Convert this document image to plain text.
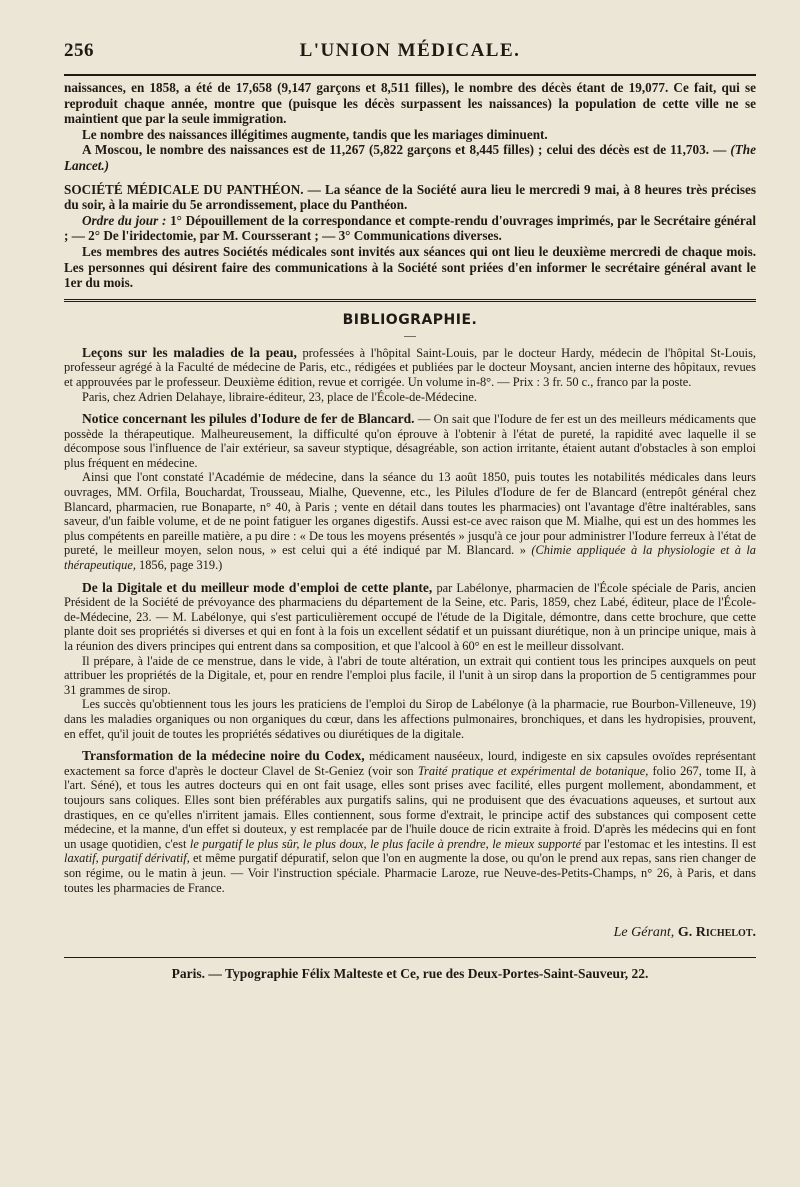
256	L'UNION MÉDICALE.

naissances, en 1858, a été de 17,658 (9,147 garçons et 8,511 filles), le nombre des décès étant de 19,077. Ce fait, qui se reproduit chaque année, montre que (puisque les décès surpassent les naissances) la population de cette ville ne se maintient que par la seule immigration.

Le nombre des naissances illégitimes augmente, tandis que les mariages diminuent.

A Moscou, le nombre des naissances est de 11,267 (5,822 garçons et 8,445 filles) ; celui des décès est de 11,703. — (The Lancet.)

SOCIÉTÉ MÉDICALE DU PANTHÉON. — La séance de la Société aura lieu le mercredi 9 mai, à 8 heures très précises du soir, à la mairie du 5e arrondissement, place du Panthéon.

Ordre du jour : 1° Dépouillement de la correspondance et compte-rendu d'ouvrages imprimés, par le Secrétaire général ; — 2° De l'iridectomie, par M. Coursserant ; — 3° Communications diverses.

Les membres des autres Sociétés médicales sont invités aux séances qui ont lieu le deuxième mercredi de chaque mois. Les personnes qui désirent faire des communications à la Société sont priées d'en informer le secrétaire général avant le 1er du mois.

BIBLIOGRAPHIE.
—

Leçons sur les maladies de la peau, professées à l'hôpital Saint-Louis, par le docteur Hardy, médecin de l'hôpital St-Louis, professeur agrégé à la Faculté de médecine de Paris, etc., rédigées et publiées par le docteur Moysant, ancien interne des hôpitaux, revues et approuvées par le professeur. Deuxième édition, revue et corrigée. Un volume in-8°. — Prix : 3 fr. 50 c., franco par la poste.

Paris, chez Adrien Delahaye, libraire-éditeur, 23, place de l'École-de-Médecine.

Notice concernant les pilules d'Iodure de fer de Blancard. — On sait que l'Iodure de fer est un des meilleurs médicaments que possède la thérapeutique. Malheureusement, la difficulté qu'on éprouve à l'obtenir à l'état de pureté, la rapidité avec laquelle il se décompose sous l'influence de l'air extérieur, sa saveur styptique, désagréable, son action irritante, étaient autant d'obstacles à son emploi plus fréquent en médecine.

Ainsi que l'ont constaté l'Académie de médecine, dans la séance du 13 août 1850, puis toutes les notabilités médicales dans leurs ouvrages, MM. Orfila, Bouchardat, Trousseau, Mialhe, Quevenne, etc., les Pilules d'Iodure de fer de Blancard (entrepôt général chez Blancard, pharmacien, rue Bonaparte, n° 40, à Paris ; vente en détail dans toutes les pharmacies) ont l'avantage d'être inaltérables, sans saveur, d'un faible volume, et de ne point fatiguer les organes digestifs. Aussi est-ce avec raison que M. Mialhe, qui est un des hommes les plus compétents en pareille matière, a pu dire : « De tous les moyens présentés » jusqu'à ce jour pour administrer l'Iodure ferreux à l'état de pureté, le meilleur moyen, selon nous, » est celui qui a été indiqué par M. Blancard. » (Chimie appliquée à la physiologie et à la thérapeutique, 1856, page 319.)

De la Digitale et du meilleur mode d'emploi de cette plante, par Labélonye, pharmacien de l'École spéciale de Paris, ancien Président de la Société de prévoyance des pharmaciens du département de la Seine, etc. Paris, 1859, chez Labé, éditeur, place de l'École-de-Médecine, 23. — M. Labélonye, qui s'est particulièrement occupé de l'étude de la Digitale, démontre, dans cette brochure, que cette plante doit ses propriétés si diverses et qui en font à la fois un excellent sédatif et un puissant diurétique, non à un principe unique, mais à la réunion des divers principes qui entrent dans sa composition, et que l'alcool à 60° en est le meilleur dissolvant.

Il prépare, à l'aide de ce menstrue, dans le vide, à l'abri de toute altération, un extrait qui contient tous les principes auxquels on peut attribuer les propriétés de la Digitale, et, pour en rendre l'emploi plus facile, il l'unit à un sirop dans la proportion de 5 centigrammes pour 31 grammes de sirop.

Les succès qu'obtiennent tous les jours les praticiens de l'emploi du Sirop de Labélonye (à la pharmacie, rue Bourbon-Villeneuve, 19) dans les maladies organiques ou non organiques du cœur, dans les affections pulmonaires, bronchiques, et dans les hydropisies, prouvent, en effet, qu'il jouit de toutes les propriétés sédatives ou diurétiques de la digitale.

Transformation de la médecine noire du Codex, médicament nauséeux, lourd, indigeste en six capsules ovoïdes représentant exactement sa force d'après le docteur Clavel de St-Geniez (voir son Traité pratique et expérimental de botanique, folio 267, tome II, à l'art. Séné), et tous les autres docteurs qui en ont fait usage, elles sont prises avec facilité, elles purgent mollement, abondamment, et toujours sans coliques. Elles sont bien préférables aux purgatifs salins, qui ne produisent que des évacuations aqueuses, et surtout aux drastiques, en ce qu'elles n'irritent jamais. Elles contiennent, sous forme d'extrait, le principe actif des substances qui composent cette médecine, et la manne, d'un effet si douteux, y est remplacée par de l'huile douce de ricin extraite à froid. D'après les médecins qui en font un usage quotidien, c'est le purgatif le plus sûr, le plus doux, le plus facile à prendre, le mieux supporté par l'estomac et les intestins. Il est laxatif, purgatif dérivatif, et même purgatif dépuratif, selon que l'on en augmente la dose, ou qu'on le prend aux repas, sans rien changer de son régime, ou le matin à jeun. — Voir l'instruction spéciale. Pharmacie Laroze, rue Neuve-des-Petits-Champs, n° 26, à Paris, et dans toutes les pharmacies de France.

Le Gérant, G. Richelot.
Paris. — Typographie Félix Malteste et Ce, rue des Deux-Portes-Saint-Sauveur, 22.
